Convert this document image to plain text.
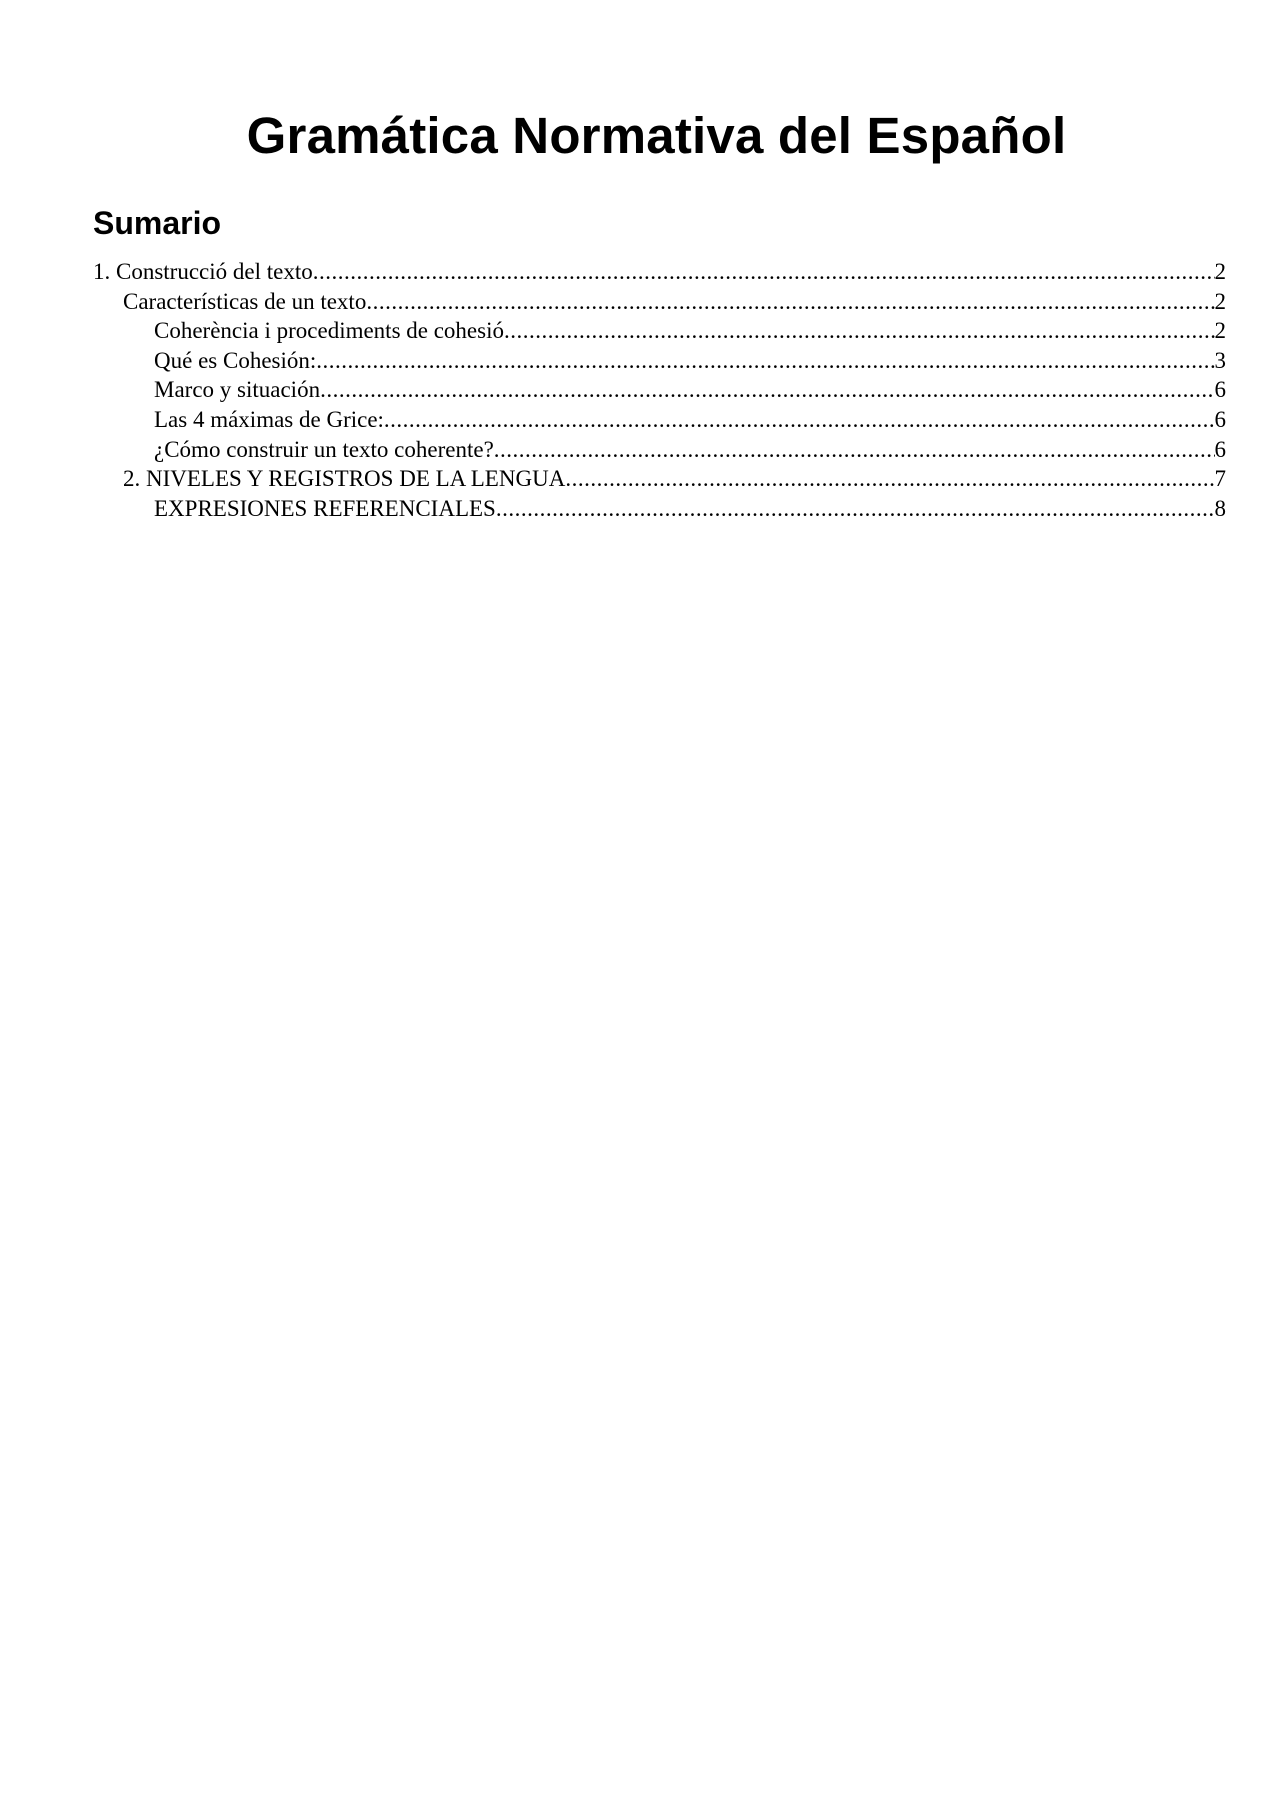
Gramática Normativa del Español
Sumario
1. Construcció del texto .....	2
Características de un texto .....	2
Coherència i procediments de cohesió .....	2
Qué es Cohesión: .....	3
Marco y situación .....	6
Las 4 máximas de Grice: .....	6
¿Cómo construir un texto coherente? .....	6
2. NIVELES Y REGISTROS DE LA LENGUA .....	7
EXPRESIONES REFERENCIALES .....	8
